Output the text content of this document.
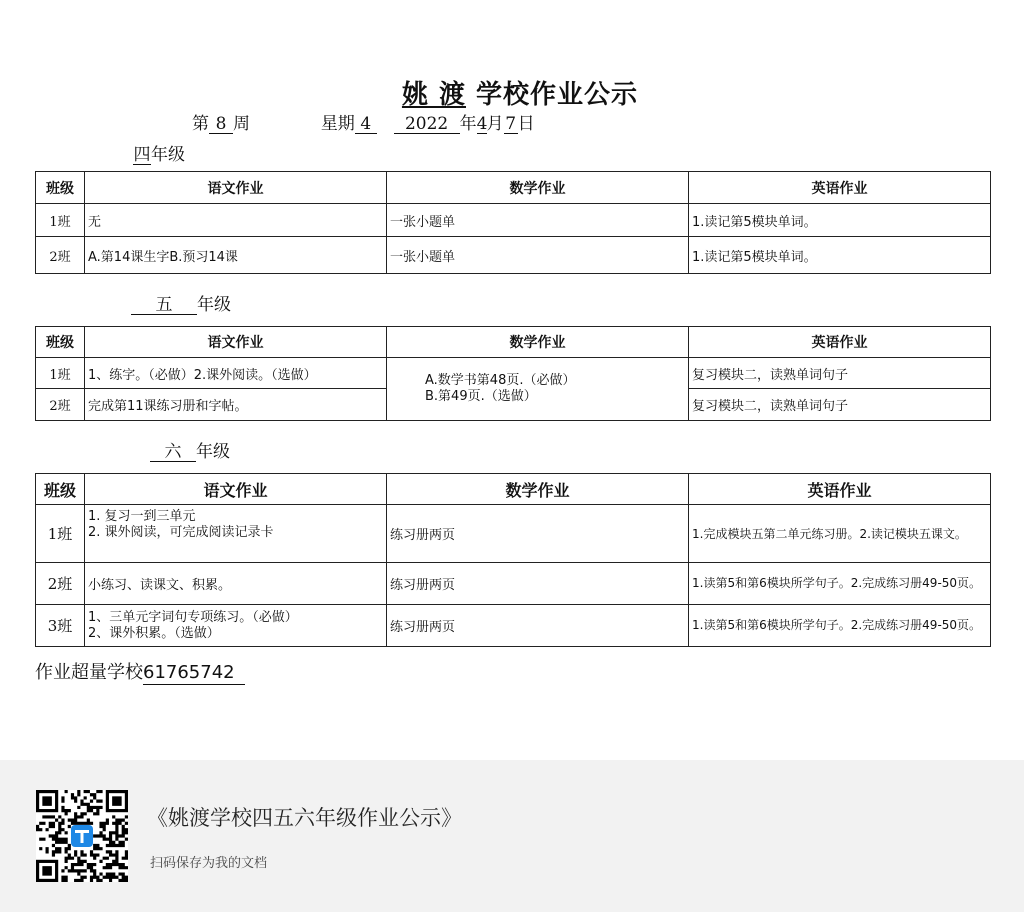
姚 渡 学校作业公示
第 8 周	星期 4 2022 年4月7日
四年级
班级	语文作业	数学作业	英语作业
1班	无	一张小题单	1.读记第5模块单词。
2班	A.第14课生字B.预习14课	一张小题单	1.读记第5模块单词。
五 年级
班级	语文作业	数学作业	英语作业
1班	1、练字。（必做）2.课外阅读。（选做）	A.数学书第48页.（必做）
B.第49页.（选做）	复习模块二，读熟单词句子
2班	完成第11课练习册和字帖。		复习模块二，读熟单词句子
六 年级
班级	语文作业	数学作业	英语作业
1班	1. 复习一到三单元
2. 课外阅读，可完成阅读记录卡	练习册两页	1.完成模块五第二单元练习册。2.读记模块五课文。
2班	小练习、读课文、积累。	练习册两页	1.读第5和第6模块所学句子。2.完成练习册49-50页。
3班	1、三单元字词句专项练习。（必做）
2、课外积累。（选做）	练习册两页	1.读第5和第6模块所学句子。2.完成练习册49-50页。
作业超量学校61765742
《姚渡学校四五六年级作业公示》
扫码保存为我的文档
